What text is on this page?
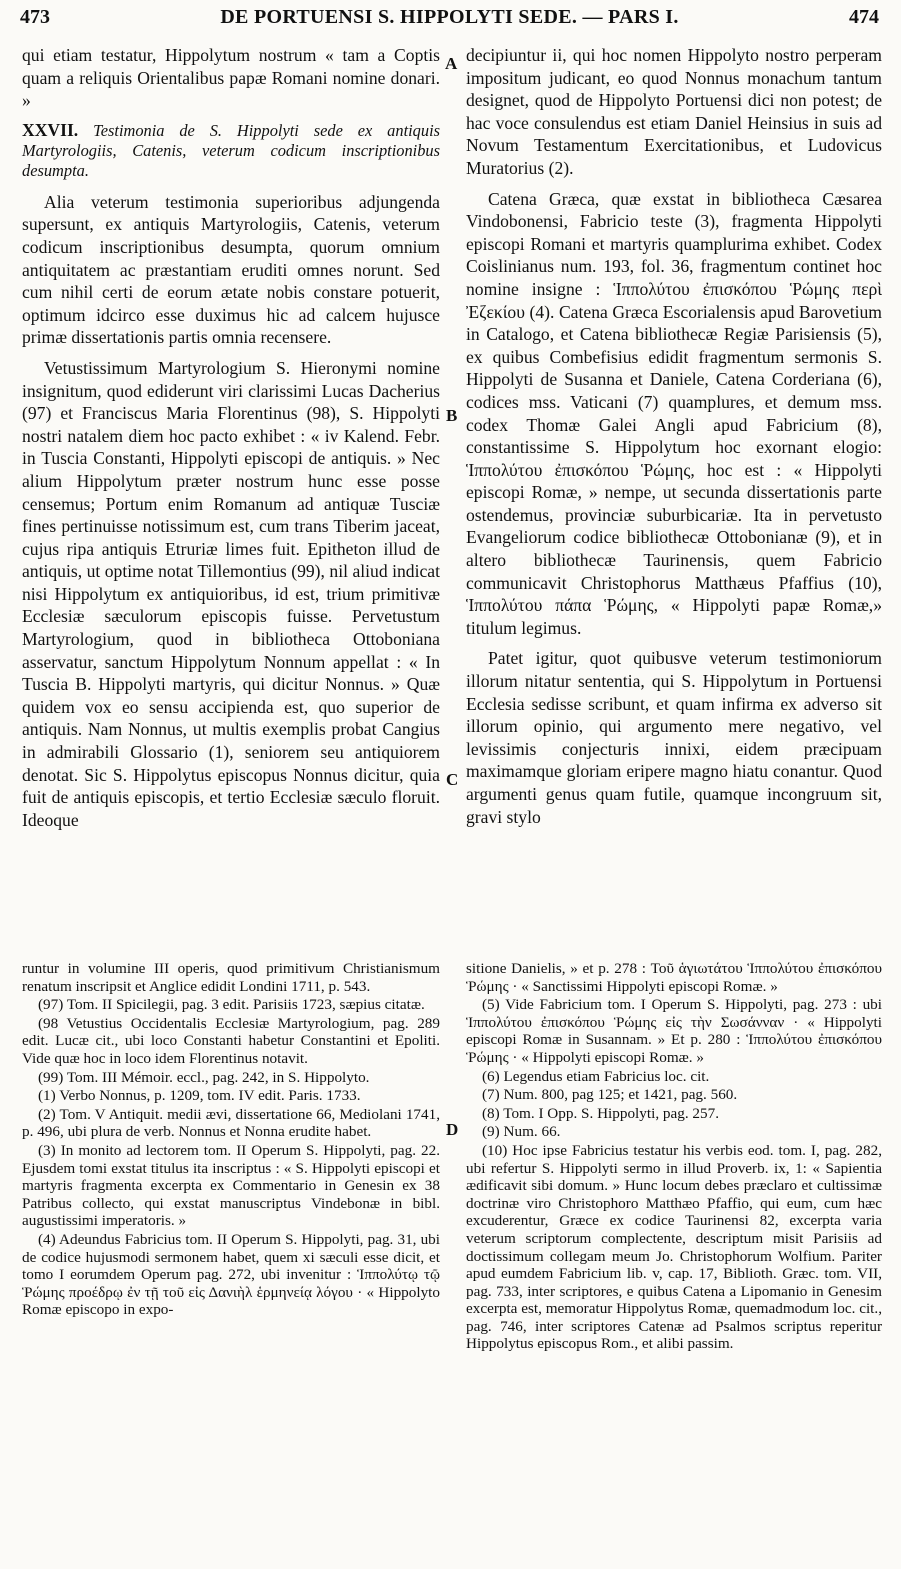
473	DE PORTUENSI S. HIPPOLYTI SEDE. — PARS I.	474
A
B
C
D

qui etiam testatur, Hippolytum nostrum « tam a Coptis quam a reliquis Orientalibus papæ Romani nomine donari. »

XXVII. Testimonia de S. Hippolyti sede ex antiquis Martyrologiis, Catenis, veterum codicum inscriptionibus desumpta.

Alia veterum testimonia superioribus adjungenda supersunt, ex antiquis Martyrologiis, Catenis, veterum codicum inscriptionibus desumpta, quorum omnium antiquitatem ac præstantiam eruditi omnes norunt. Sed cum nihil certi de eorum ætate nobis constare potuerit, optimum idcirco esse duximus hic ad calcem hujusce primæ dissertationis partis omnia recensere.

Vetustissimum Martyrologium S. Hieronymi nomine insignitum, quod ediderunt viri clarissimi Lucas Dacherius (97) et Franciscus Maria Florentinus (98), S. Hippolyti nostri natalem diem hoc pacto exhibet : « iv Kalend. Febr. in Tuscia Constanti, Hippolyti episcopi de antiquis. » Nec alium Hippolytum præter nostrum hunc esse posse censemus; Portum enim Romanum ad antiquæ Tusciæ fines pertinuisse notissimum est, cum trans Tiberim jaceat, cujus ripa antiquis Etruriæ limes fuit. Epitheton illud de antiquis, ut optime notat Tillemontius (99), nil aliud indicat nisi Hippolytum ex antiquioribus, id est, trium primitivæ Ecclesiæ sæculorum episcopis fuisse. Pervetustum Martyrologium, quod in bibliotheca Ottoboniana asservatur, sanctum Hippolytum Nonnum appellat : « In Tuscia B. Hippolyti martyris, qui dicitur Nonnus. » Quæ quidem vox eo sensu accipienda est, quo superior de antiquis. Nam Nonnus, ut multis exemplis probat Cangius in admirabili Glossario (1), seniorem seu antiquiorem denotat. Sic S. Hippolytus episcopus Nonnus dicitur, quia fuit de antiquis episcopis, et tertio Ecclesiæ sæculo floruit. Ideoque

decipiuntur ii, qui hoc nomen Hippolyto nostro perperam impositum judicant, eo quod Nonnus monachum tantum designet, quod de Hippolyto Portuensi dici non potest; de hac voce consulendus est etiam Daniel Heinsius in suis ad Novum Testamentum Exercitationibus, et Ludovicus Muratorius (2).

Catena Græca, quæ exstat in bibliotheca Cæsarea Vindobonensi, Fabricio teste (3), fragmenta Hippolyti episcopi Romani et martyris quamplurima exhibet. Codex Coislinianus num. 193, fol. 36, fragmentum continet hoc nomine insigne : Ἱππολύτου ἐπισκόπου Ῥώμης περὶ Ἐζεκίου (4). Catena Græca Escorialensis apud Barovetium in Catalogo, et Catena bibliothecæ Regiæ Parisiensis (5), ex quibus Combefisius edidit fragmentum sermonis S. Hippolyti de Susanna et Daniele, Catena Corderiana (6), codices mss. Vaticani (7) quamplures, et demum mss. codex Thomæ Galei Angli apud Fabricium (8), constantissime S. Hippolytum hoc exornant elogio: Ἱππολύτου ἐπισκόπου Ῥώμης, hoc est : « Hippolyti episcopi Romæ, » nempe, ut secunda dissertationis parte ostendemus, provinciæ suburbicariæ. Ita in pervetusto Evangeliorum codice bibliothecæ Ottobonianæ (9), et in altero bibliothecæ Taurinensis, quem Fabricio communicavit Christophorus Matthæus Pfaffius (10), Ἱππολύτου πάπα Ῥώμης, « Hippolyti papæ Romæ,» titulum legimus.

Patet igitur, quot quibusve veterum testimoniorum illorum nitatur sententia, qui S. Hippolytum in Portuensi Ecclesia sedisse scribunt, et quam infirma ex adverso sit illorum opinio, qui argumento mere negativo, vel levissimis conjecturis innixi, eidem præcipuam maximamque gloriam eripere magno hiatu conantur. Quod argumenti genus quam futile, quamque incongruum sit, gravi stylo

runtur in volumine III operis, quod primitivum Christianismum renatum inscripsit et Anglice edidit Londini 1711, p. 543.

(97) Tom. II Spicilegii, pag. 3 edit. Parisiis 1723, sæpius citatæ.

(98 Vetustius Occidentalis Ecclesiæ Martyrologium, pag. 289 edit. Lucæ cit., ubi loco Constanti habetur Constantini et Epoliti. Vide quæ hoc in loco idem Florentinus notavit.

(99) Tom. III Mémoir. eccl., pag. 242, in S. Hippolyto.

(1) Verbo Nonnus, p. 1209, tom. IV edit. Paris. 1733.

(2) Tom. V Antiquit. medii ævi, dissertatione 66, Mediolani 1741, p. 496, ubi plura de verb. Nonnus et Nonna erudite habet.

(3) In monito ad lectorem tom. II Operum S. Hippolyti, pag. 22. Ejusdem tomi exstat titulus ita inscriptus : « S. Hippolyti episcopi et martyris fragmenta excerpta ex Commentario in Genesin ex 38 Patribus collecto, qui exstat manuscriptus Vindebonæ in bibl. augustissimi imperatoris. »

(4) Adeundus Fabricius tom. II Operum S. Hippolyti, pag. 31, ubi de codice hujusmodi sermonem habet, quem xi sæculi esse dicit, et tomo I eorumdem Operum pag. 272, ubi invenitur : Ἱππολύτῳ τῷ Ῥώμης προέδρῳ ἐν τῇ τοῦ εἰς Δανιὴλ ἑρμηνείᾳ λόγου · « Hippolyto Romæ episcopo in expo-

sitione Danielis, » et p. 278 : Τοῦ ἁγιωτάτου Ἱππολύτου ἐπισκόπου Ῥώμης · « Sanctissimi Hippolyti episcopi Romæ. »

(5) Vide Fabricium tom. I Operum S. Hippolyti, pag. 273 : ubi Ἱππολύτου ἐπισκόπου Ῥώμης εἰς τὴν Σωσάνναν · « Hippolyti episcopi Romæ in Susannam. » Et p. 280 : Ἱππολύτου ἐπισκόπου Ῥώμης · « Hippolyti episcopi Romæ. »

(6) Legendus etiam Fabricius loc. cit.

(7) Num. 800, pag 125; et 1421, pag. 560.

(8) Tom. I Opp. S. Hippolyti, pag. 257.

(9) Num. 66.

(10) Hoc ipse Fabricius testatur his verbis eod. tom. I, pag. 282, ubi refertur S. Hippolyti sermo in illud Proverb. ix, 1: « Sapientia ædificavit sibi domum. » Hunc locum debes præclaro et cultissimæ doctrinæ viro Christophoro Matthæo Pfaffio, qui eum, cum hæc excuderentur, Græce ex codice Taurinensi 82, excerpta varia veterum scriptorum complectente, descriptum misit Parisiis ad doctissimum collegam meum Jo. Christophorum Wolfium. Pariter apud eumdem Fabricium lib. v, cap. 17, Biblioth. Græc. tom. VII, pag. 733, inter scriptores, e quibus Catena a Lipomanio in Genesim excerpta est, memoratur Hippolytus Romæ, quemadmodum loc. cit., pag. 746, inter scriptores Catenæ ad Psalmos scriptus reperitur Hippolytus episcopus Rom., et alibi passim.
